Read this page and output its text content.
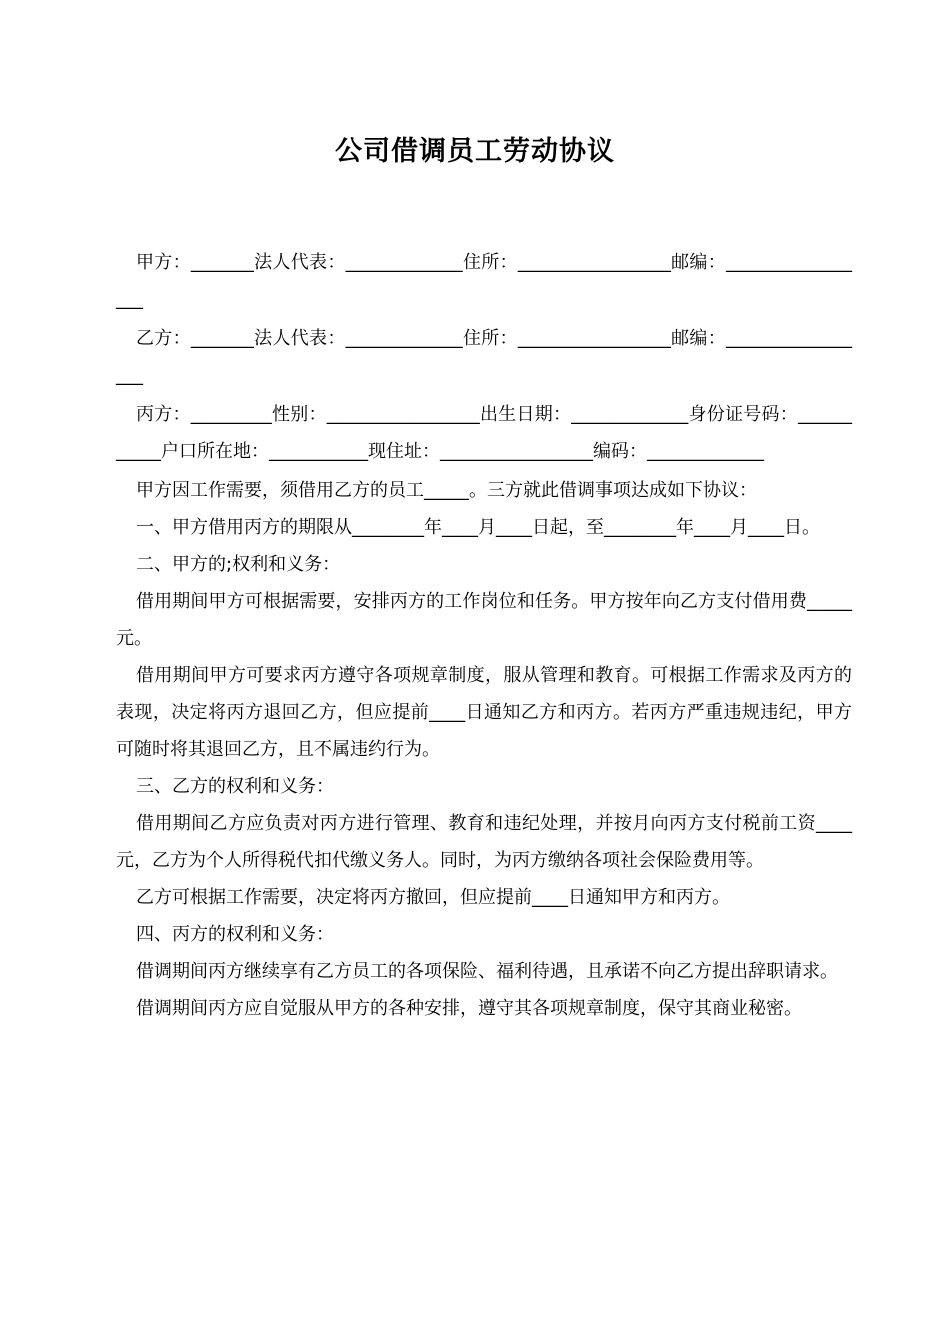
公司借调员工劳动协议

甲方：_______法人代表：_____________住所：_________________邮编：_________________

乙方：_______法人代表：_____________住所：_________________邮编：_________________

丙方：_________性别：_________________出生日期：_____________身份证号码：___________户口所在地：___________现住址：_________________编码：_____________

甲方因工作需要，须借用乙方的员工_____。三方就此借调事项达成如下协议：

一、甲方借用丙方的期限从________年____月____日起，至________年____月____日。

二、甲方的;权利和义务：

借用期间甲方可根据需要，安排丙方的工作岗位和任务。甲方按年向乙方支付借用费_____元。

借用期间甲方可要求丙方遵守各项规章制度，服从管理和教育。可根据工作需求及丙方的表现，决定将丙方退回乙方，但应提前____日通知乙方和丙方。若丙方严重违规违纪，甲方可随时将其退回乙方，且不属违约行为。

三、乙方的权利和义务：

借用期间乙方应负责对丙方进行管理、教育和违纪处理，并按月向丙方支付税前工资____元，乙方为个人所得税代扣代缴义务人。同时，为丙方缴纳各项社会保险费用等。

乙方可根据工作需要，决定将丙方撤回，但应提前____日通知甲方和丙方。

四、丙方的权利和义务：

借调期间丙方继续享有乙方员工的各项保险、福利待遇，且承诺不向乙方提出辞职请求。

借调期间丙方应自觉服从甲方的各种安排，遵守其各项规章制度，保守其商业秘密。
